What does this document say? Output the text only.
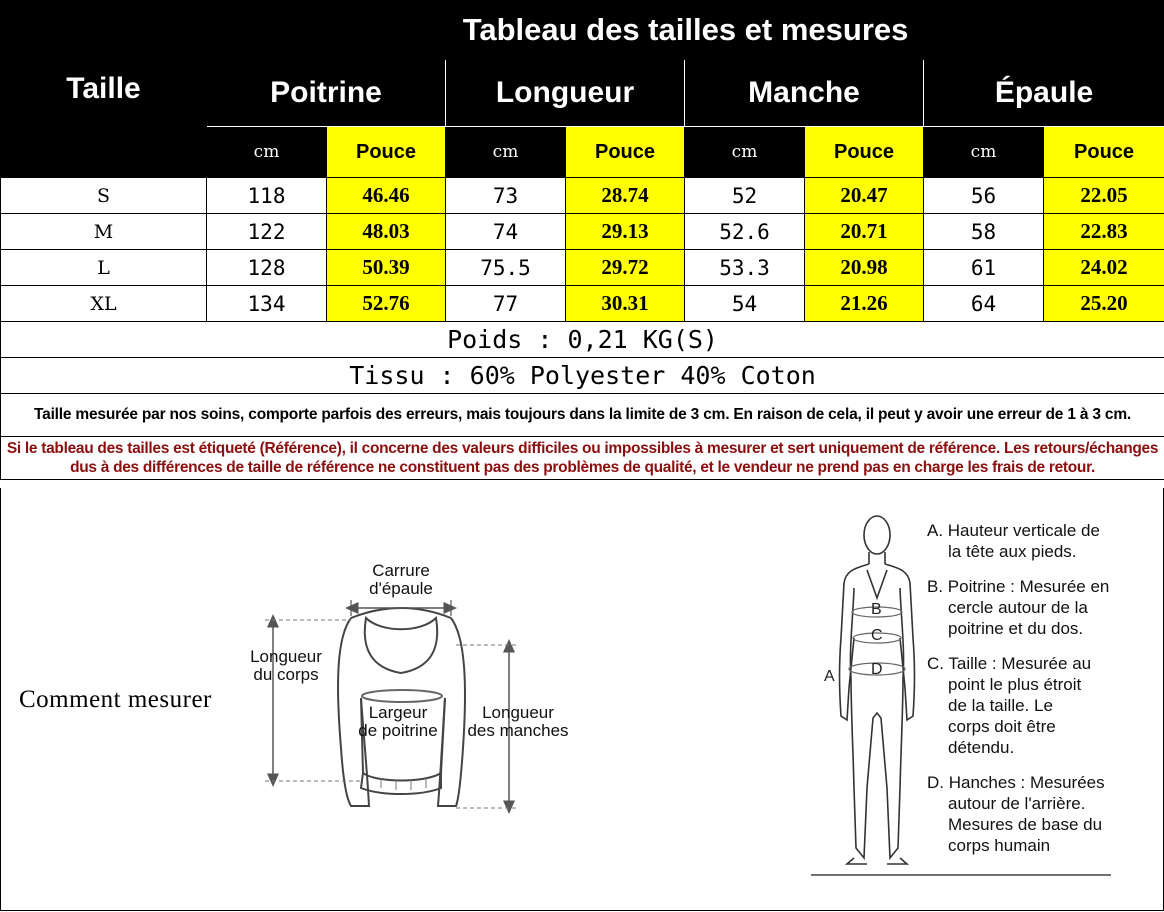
Taille	Tableau des tailles et mesures							
	Poitrine		Longueur		Manche		Épaule	
	cm	Pouce	cm	Pouce	cm	Pouce	cm	Pouce
S	118	46.46	73	28.74	52	20.47	56	22.05
M	122	48.03	74	29.13	52.6	20.71	58	22.83
L	128	50.39	75.5	29.72	53.3	20.98	61	24.02
XL	134	52.76	77	30.31	54	21.26	64	25.20
Poids : 0,21 KG(S)								
Tissu : 60% Polyester 40% Coton								
Taille mesurée par nos soins, comporte parfois des erreurs, mais toujours dans la limite de 3 cm. En raison de cela, il peut y avoir une erreur de 1 à 3 cm.								
Si le tableau des tailles est étiqueté (Référence), il concerne des valeurs difficiles ou impossibles à mesurer et sert uniquement de référence. Les retours/échanges dus à des différences de taille de référence ne constituent pas des problèmes de qualité, et le vendeur ne prend pas en charge les frais de retour.								
Comment mesurer
B
C
D
A
Carrure
d'épaule
Longueur
du corps
Largeur
de poitrine
Longueur
des manches
A. Hauteur verticale de
la tête aux pieds.
B. Poitrine : Mesurée en
cercle autour de la
poitrine et du dos.
C. Taille : Mesurée au
point le plus étroit
de la taille. Le
corps doit être
détendu.
D. Hanches : Mesurées
autour de l'arrière.
Mesures de base du
corps humain
